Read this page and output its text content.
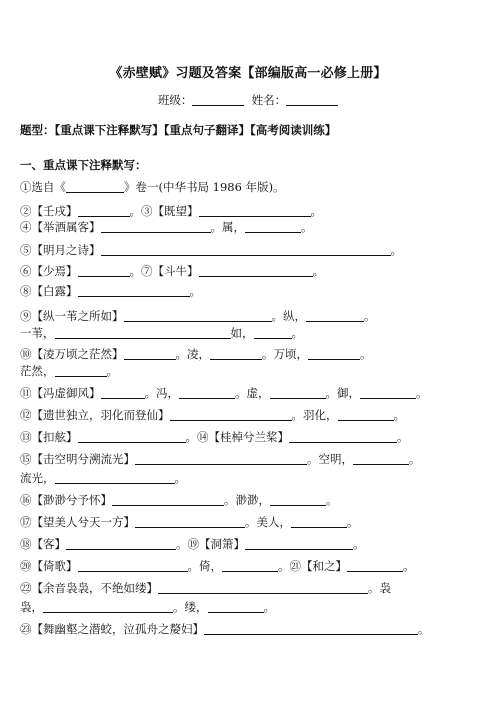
《赤壁赋》习题及答案【部编版高一必修上册】
班级：	姓名：
题型：【重点课下注释默写】【重点句子翻译】【高考阅读训练】
一、重点课下注释默写：
①选自《	》卷一(中华书局 1986 年版)。
②【壬戌】	。③【既望】	。
④【举酒属客】	。属，	。
⑤【明月之诗】	。
⑥【少焉】	。⑦【斗牛】	。
⑧【白露】	。
⑨【纵一苇之所如】	。纵，	。
一苇，	如，	。
⑩【凌万顷之茫然】	。凌，	。万顷，	。
茫然，	。
⑪【冯虚御风】	。冯，	。虚，	。御，	。
⑫【遗世独立，羽化而登仙】	。羽化，	。
⑬【扣舷】	。⑭【桂棹兮兰桨】	。
⑮【击空明兮溯流光】	。空明，	。
流光，	。
⑯【渺渺兮予怀】	。渺渺，	。
⑰【望美人兮天一方】	。美人，	。
⑱【客】	。⑲【洞箫】	。
⑳【倚歌】	。倚，	。㉑【和之】	。
㉒【余音袅袅，不绝如缕】	。袅
袅，	。缕，	。
㉓【舞幽壑之潜蛟，泣孤舟之嫠妇】	。
